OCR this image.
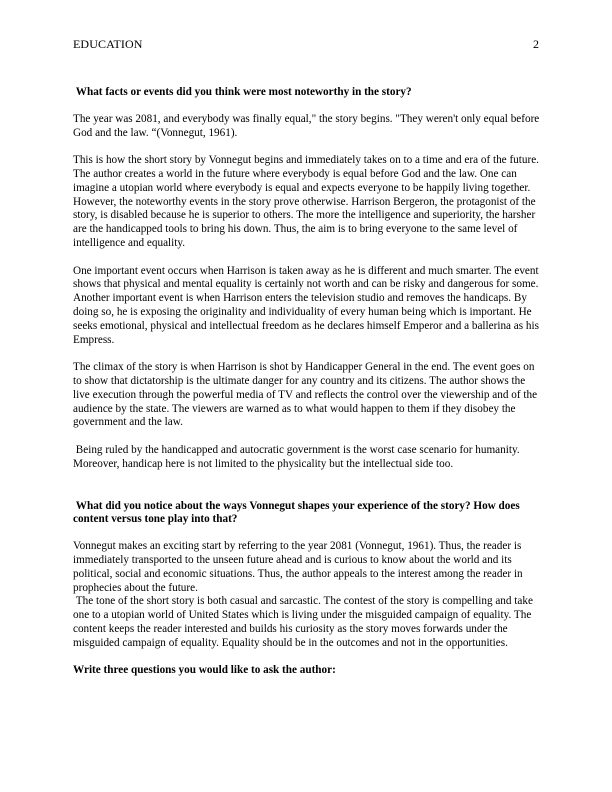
EDUCATION	2
What facts or events did you think were most noteworthy in the story?
The year was 2081, and everybody was finally equal," the story begins. "They weren't only equal before God and the law. “(Vonnegut, 1961).
This is how the short story by Vonnegut begins and immediately takes on to a time and era of the future. The author creates a world in the future where everybody is equal before God and the law. One can imagine a utopian world where everybody is equal and expects everyone to be happily living together. However, the noteworthy events in the story prove otherwise. Harrison Bergeron, the protagonist of the story, is disabled because he is superior to others. The more the intelligence and superiority, the harsher are the handicapped tools to bring his down. Thus, the aim is to bring everyone to the same level of intelligence and equality.
One important event occurs when Harrison is taken away as he is different and much smarter. The event shows that physical and mental equality is certainly not worth and can be risky and dangerous for some. Another important event is when Harrison enters the television studio and removes the handicaps. By doing so, he is exposing the originality and individuality of every human being which is important. He seeks emotional, physical and intellectual freedom as he declares himself Emperor and a ballerina as his Empress.
The climax of the story is when Harrison is shot by Handicapper General in the end. The event goes on to show that dictatorship is the ultimate danger for any country and its citizens. The author shows the live execution through the powerful media of TV and reflects the control over the viewership and of the audience by the state. The viewers are warned as to what would happen to them if they disobey the government and the law.
Being ruled by the handicapped and autocratic government is the worst case scenario for humanity. Moreover, handicap here is not limited to the physicality but the intellectual side too.
What did you notice about the ways Vonnegut shapes your experience of the story? How does content versus tone play into that?
Vonnegut makes an exciting start by referring to the year 2081 (Vonnegut, 1961). Thus, the reader is immediately transported to the unseen future ahead and is curious to know about the world and its political, social and economic situations. Thus, the author appeals to the interest among the reader in prophecies about the future.
The tone of the short story is both casual and sarcastic. The contest of the story is compelling and take one to a utopian world of United States which is living under the misguided campaign of equality. The content keeps the reader interested and builds his curiosity as the story moves forwards under the misguided campaign of equality. Equality should be in the outcomes and not in the opportunities.
Write three questions you would like to ask the author:
